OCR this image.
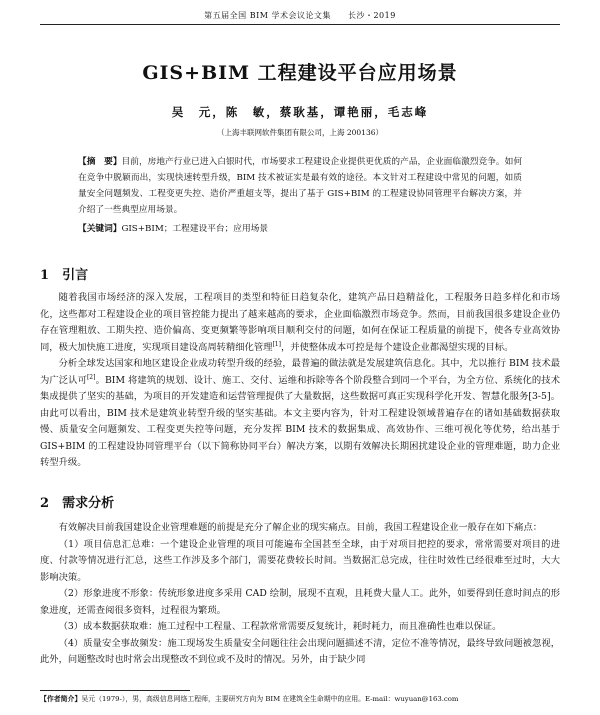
第五届全国 BIM 学术会议论文集　　长沙・2019
GIS+BIM 工程建设平台应用场景
吴　元，陈　敏，蔡耿基，谭艳丽，毛志峰
（上海丰联网软件集团有限公司，上海 200136）
【摘　要】目前，房地产行业已进入白银时代，市场要求工程建设企业提供更优质的产品，企业面临激烈竞争。如何在竞争中脱颖而出，实现快速转型升级，BIM 技术被证实是最有效的途径。本文针对工程建设中常见的问题，如质量安全问题频发、工程变更失控、造价严重超支等，提出了基于 GIS+BIM 的工程建设协同管理平台解决方案，并介绍了一些典型应用场景。
【关键词】GIS+BIM；工程建设平台；应用场景
1　 引言

随着我国市场经济的深入发展，工程项目的类型和特征日趋复杂化，建筑产品日趋精益化，工程服务日趋多样化和市场化，这些都对工程建设企业的项目管控能力提出了越来越高的要求，企业面临激烈市场竞争。然而，目前我国很多建设企业仍存在管理粗放、工期失控、造价偏高、变更频繁等影响项目顺利交付的问题，如何在保证工程质量的前提下，使各专业高效协同，极大加快施工进度，实现项目建设高周转精细化管理[1]，并使整体成本可控是每个建设企业都渴望实现的目标。

分析全球发达国家和地区建设企业成功转型升级的经验，最普遍的做法就是发展建筑信息化。其中，尤以推行 BIM 技术最为广泛认可[2]。BIM 将建筑的规划、设计、施工、交付、运维和拆除等各个阶段整合到同一个平台，为全方位、系统化的技术集成提供了坚实的基础，为项目的开发建造和运营管理提供了大量数据，这些数据可真正实现科学化开发、智慧化服务[3-5]。由此可以看出，BIM 技术是建筑业转型升级的坚实基础。本文主要内容为，针对工程建设领域普遍存在的诸如基础数据获取慢、质量安全问题频发、工程变更失控等问题，充分发挥 BIM 技术的数据集成、高效协作、三维可视化等优势，给出基于 GIS+BIM 的工程建设协同管理平台（以下简称协同平台）解决方案，以期有效解决长期困扰建设企业的管理难题，助力企业转型升级。

2　 需求分析

有效解决目前我国建设企业管理难题的前提是充分了解企业的现实痛点。目前，我国工程建设企业一般存在如下痛点：

（1）项目信息汇总难：一个建设企业管理的项目可能遍布全国甚至全球，由于对项目把控的要求，常常需要对项目的进度、付款等情况进行汇总，这些工作涉及多个部门，需要花费较长时间。当数据汇总完成，往往时效性已经很难至过时，大大影响决策。

（2）形象进度不形象：传统形象进度多采用 CAD 绘制，展现不直观，且耗费大量人工。此外，如要得到任意时间点的形象进度，还需查阅很多资料，过程很为繁琐。

（3）成本数据获取难：施工过程中工程量、工程款常常需要反复统计，耗时耗力，而且准确性也难以保证。

（4）质量安全事故频发：施工现场发生质量安全问题往往会出现问题描述不清，定位不准等情况，最终导致问题被忽视，此外，问题整改时也时常会出现整改不到位或不及时的情况。另外，由于缺少同

【作者简介】吴元（1979-），男，高级信息网络工程师，主要研究方向为 BIM 在建筑全生命期中的应用。E-mail：wuyuan@163.com
